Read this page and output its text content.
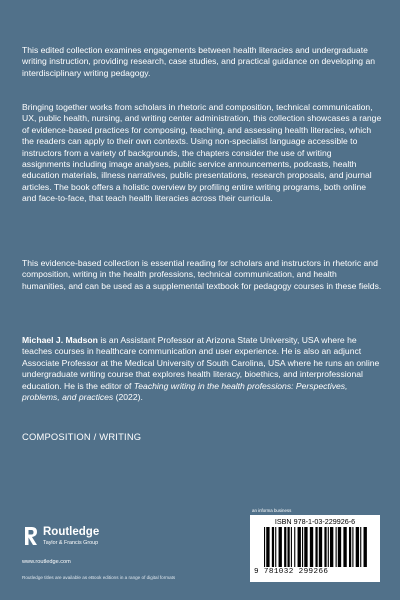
This edited collection examines engagements between health literacies and undergraduate writing instruction, providing research, case studies, and practical guidance on developing an interdisciplinary writing pedagogy.

Bringing together works from scholars in rhetoric and composition, technical communication, UX, public health, nursing, and writing center administration, this collection showcases a range of evidence-based practices for composing, teaching, and assessing health literacies, which the readers can apply to their own contexts. Using non-specialist language accessible to instructors from a variety of backgrounds, the chapters consider the use of writing assignments including image analyses, public service announcements, podcasts, health education materials, illness narratives, public presentations, research proposals, and journal articles. The book offers a holistic overview by profiling entire writing programs, both online and face-to-face, that teach health literacies across their curricula.

This evidence-based collection is essential reading for scholars and instructors in rhetoric and composition, writing in the health professions, technical communication, and health humanities, and can be used as a supplemental textbook for pedagogy courses in these fields.

Michael J. Madson is an Assistant Professor at Arizona State University, USA where he teaches courses in healthcare communication and user experience. He is also an adjunct Associate Professor at the Medical University of South Carolina, USA where he runs an online undergraduate writing course that explores health literacy, bioethics, and interprofessional education. He is the editor of Teaching writing in the health professions: Perspectives, problems, and practices (2022).

COMPOSITION / WRITING

Routledge
Taylor & Francis Group

www.routledge.com

Routledge titles are available as eBook editions in a range of digital formats

an informa business

ISBN 978-1-03-229926-6

9 781032 299266
